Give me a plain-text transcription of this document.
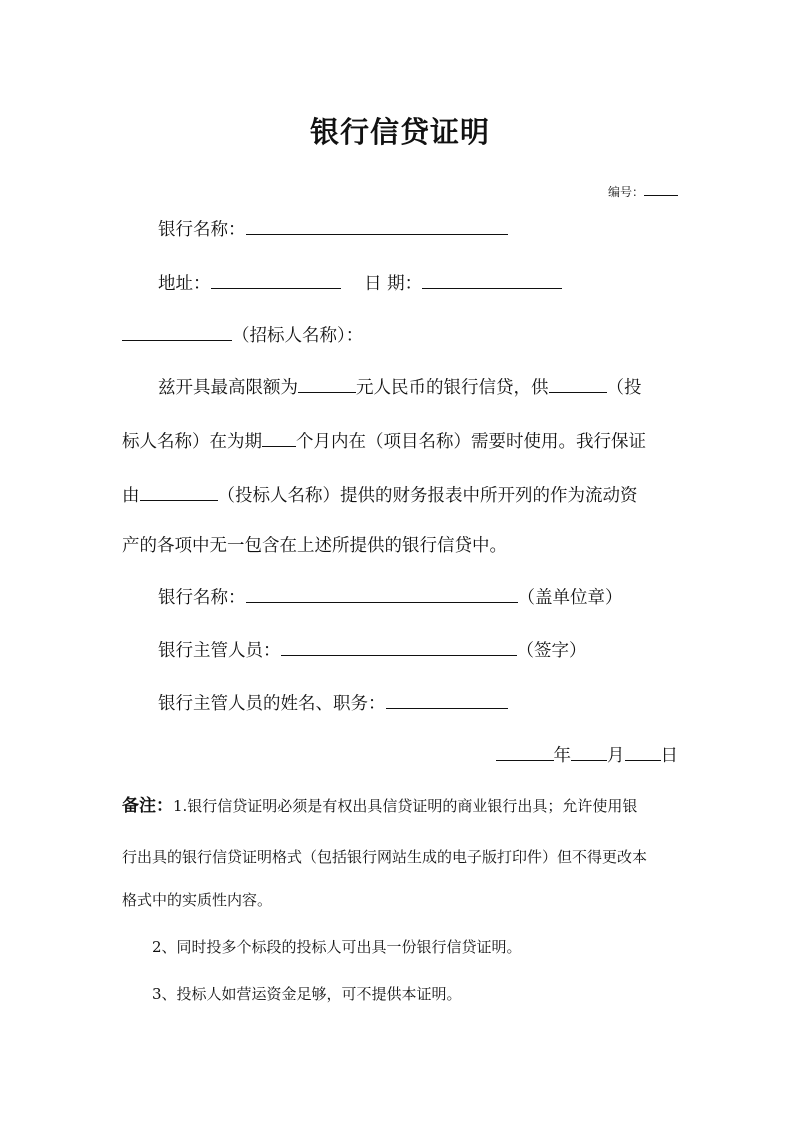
银行信贷证明
编号：
银行名称：
地址：	日 期：
（招标人名称）：
兹开具最高限额为	元人民币的银行信贷，供	（投
标人名称）在为期 个月内在（项目名称）需要时使用。我行保证
由	（投标人名称）提供的财务报表中所开列的作为流动资
产的各项中无一包含在上述所提供的银行信贷中。
银行名称：	（盖单位章）
银行主管人员：	（签字）
银行主管人员的姓名、职务：
年 月 日
备注：1.银行信贷证明必须是有权出具信贷证明的商业银行出具；允许使用银
行出具的银行信贷证明格式（包括银行网站生成的电子版打印件）但不得更改本
格式中的实质性内容。
2、同时投多个标段的投标人可出具一份银行信贷证明。
3、投标人如营运资金足够，可不提供本证明。
